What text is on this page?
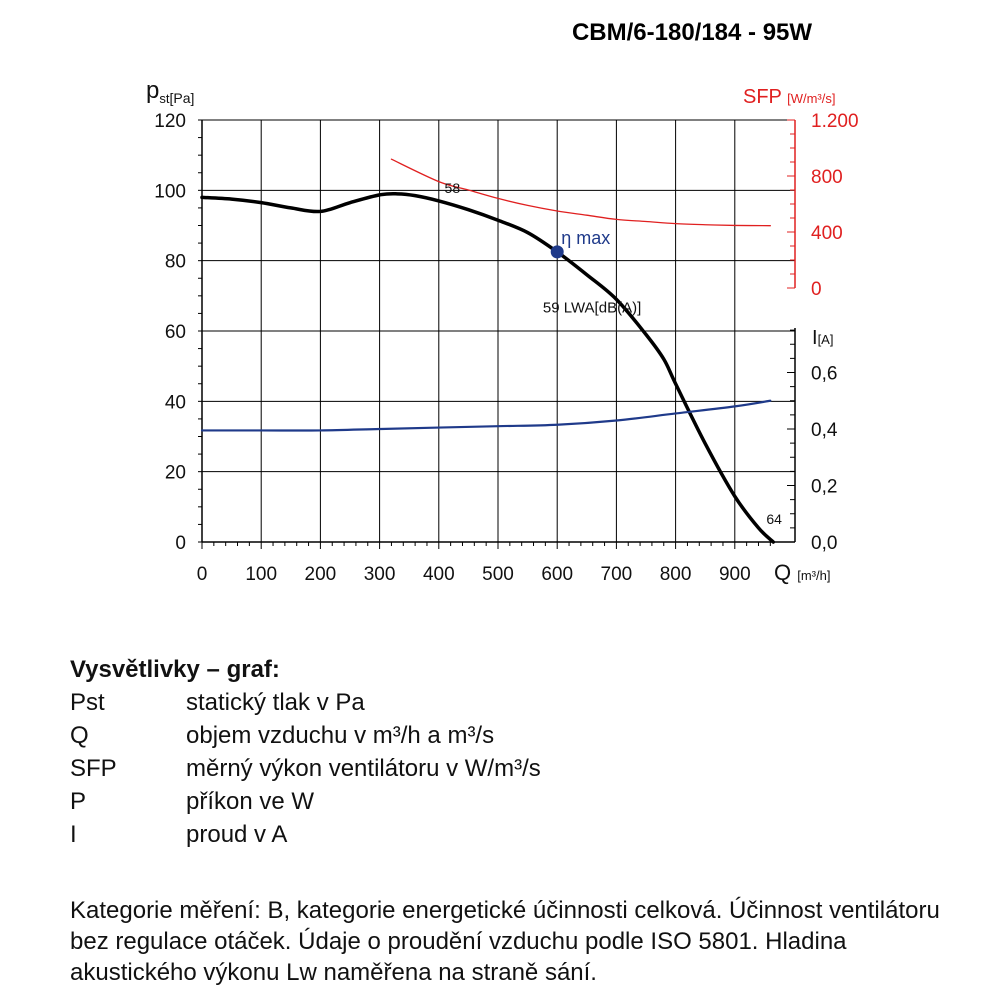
CBM/6-180/184 - 95W
0 100 200 300 400 500 600 700 800 900
0
20
40
60
80
100
120
0
400
800
1.200
0,0
0,2
0,4
0,6
$p_{st}[Pa]$
Q [m³/h]
SFP [W/m³/s]
I[A]
η max
58
59 LWA[dB(A)]
64
Vysvětlivky – graf:
Pst	statický tlak v Pa
Q	objem vzduchu v m³/h a m³/s
SFP	měrný výkon ventilátoru v W/m³/s
P	příkon ve W
I	proud v A
Kategorie měření: B, kategorie energetické účinnosti celková. Účinnost ventilátoru bez regulace otáček. Údaje o proudění vzduchu podle ISO 5801. Hladina akustického výkonu Lw naměřena na straně sání.
